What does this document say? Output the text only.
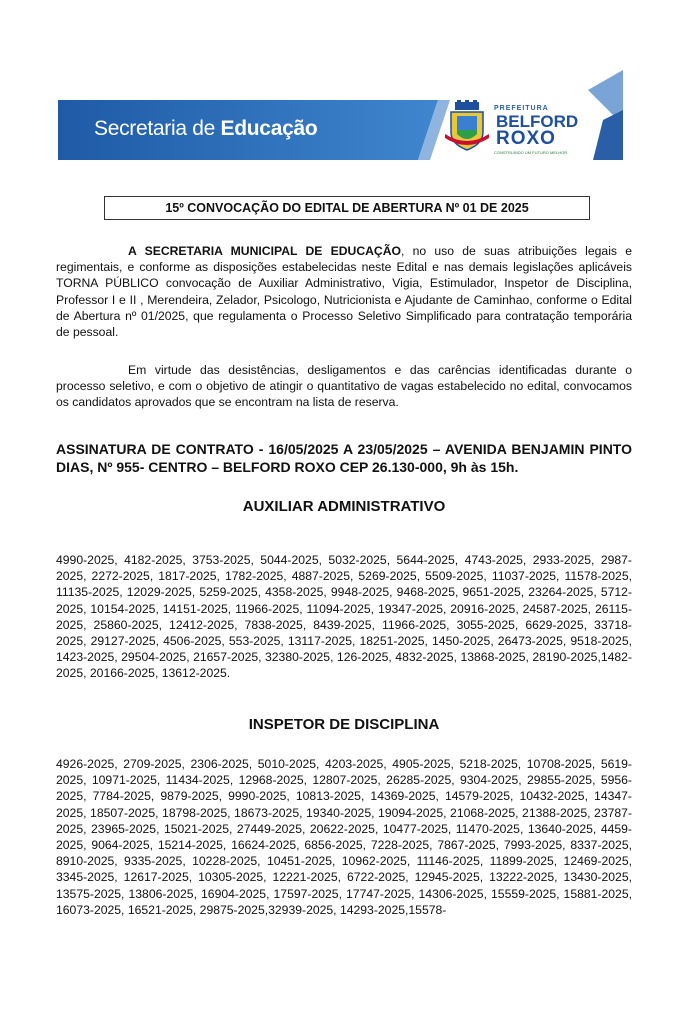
Secretaria de Educação
PREFEITURA
BELFORD
ROXO
CONSTRUINDO UM FUTURO MELHOR
15º CONVOCAÇÃO DO EDITAL DE ABERTURA Nº 01 DE 2025
A SECRETARIA MUNICIPAL DE EDUCAÇÃO, no uso de suas atribuições legais e regimentais, e conforme as disposições estabelecidas neste Edital e nas demais legislações aplicáveis TORNA PÚBLICO convocação de Auxiliar Administrativo, Vigia, Estimulador, Inspetor de Disciplina, Professor I e II , Merendeira, Zelador, Psicologo, Nutricionista e Ajudante de Caminhao, conforme o Edital de Abertura nº 01/2025, que regulamenta o Processo Seletivo Simplificado para contratação temporária de pessoal.
Em virtude das desistências, desligamentos e das carências identificadas durante o processo seletivo, e com o objetivo de atingir o quantitativo de vagas estabelecido no edital, convocamos os candidatos aprovados que se encontram na lista de reserva.
ASSINATURA DE CONTRATO - 16/05/2025 A 23/05/2025 – AVENIDA BENJAMIN PINTO DIAS, Nº 955- CENTRO – BELFORD ROXO CEP 26.130-000, 9h às 15h.
AUXILIAR ADMINISTRATIVO
4990-2025, 4182-2025, 3753-2025, 5044-2025, 5032-2025, 5644-2025, 4743-2025, 2933-2025, 2987-2025, 2272-2025, 1817-2025, 1782-2025, 4887-2025, 5269-2025, 5509-2025, 11037-2025, 11578-2025, 11135-2025, 12029-2025, 5259-2025, 4358-2025, 9948-2025, 9468-2025, 9651-2025, 23264-2025, 5712-2025, 10154-2025, 14151-2025, 11966-2025, 11094-2025, 19347-2025, 20916-2025, 24587-2025, 26115-2025, 25860-2025, 12412-2025, 7838-2025, 8439-2025, 11966-2025, 3055-2025, 6629-2025, 33718-2025, 29127-2025, 4506-2025, 553-2025, 13117-2025, 18251-2025, 1450-2025, 26473-2025, 9518-2025, 1423-2025, 29504-2025, 21657-2025, 32380-2025, 126-2025, 4832-2025, 13868-2025, 28190-2025,1482-2025, 20166-2025, 13612-2025.
INSPETOR DE DISCIPLINA
4926-2025, 2709-2025, 2306-2025, 5010-2025, 4203-2025, 4905-2025, 5218-2025, 10708-2025, 5619-2025, 10971-2025, 11434-2025, 12968-2025, 12807-2025, 26285-2025, 9304-2025, 29855-2025, 5956-2025, 7784-2025, 9879-2025, 9990-2025, 10813-2025, 14369-2025, 14579-2025, 10432-2025, 14347-2025, 18507-2025, 18798-2025, 18673-2025, 19340-2025, 19094-2025, 21068-2025, 21388-2025, 23787-2025, 23965-2025, 15021-2025, 27449-2025, 20622-2025, 10477-2025, 11470-2025, 13640-2025, 4459-2025, 9064-2025, 15214-2025, 16624-2025, 6856-2025, 7228-2025, 7867-2025, 7993-2025, 8337-2025, 8910-2025, 9335-2025, 10228-2025, 10451-2025, 10962-2025, 11146-2025, 11899-2025, 12469-2025, 3345-2025, 12617-2025, 10305-2025, 12221-2025, 6722-2025, 12945-2025, 13222-2025, 13430-2025, 13575-2025, 13806-2025, 16904-2025, 17597-2025, 17747-2025, 14306-2025, 15559-2025, 15881-2025, 16073-2025, 16521-2025, 29875-2025,32939-2025, 14293-2025,15578-
